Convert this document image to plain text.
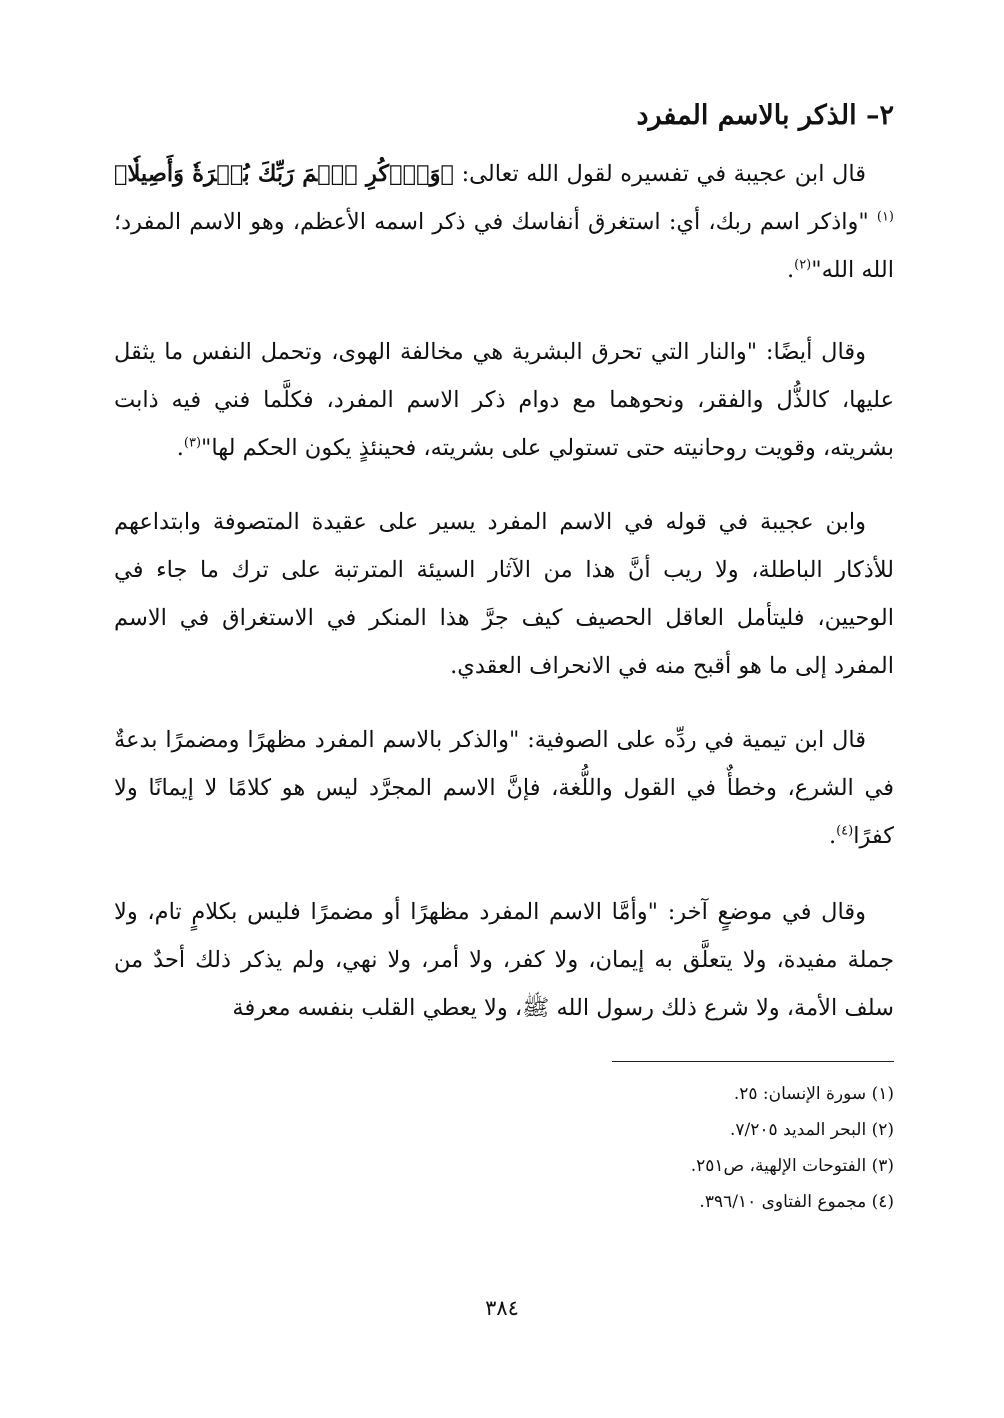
٢– الذكر بالاسم المفرد

قال ابن عجيبة في تفسيره لقول الله تعالى: ﴿وَٱذۡكُرِ ٱسۡمَ رَبِّكَ بُكۡرَةٗ وَأَصِيلٗا﴾$^{(١)}$ "واذكر اسم ربك، أي: استغرق أنفاسك في ذكر اسمه الأعظم، وهو الاسم المفرد؛ الله الله"$^{(٢)}$.

وقال أيضًا: "والنار التي تحرق البشرية هي مخالفة الهوى، وتحمل النفس ما يثقل عليها، كالذُّل والفقر، ونحوهما مع دوام ذكر الاسم المفرد، فكلَّما فني فيه ذابت بشريته، وقويت روحانيته حتى تستولي على بشريته، فحينئذٍ يكون الحكم لها"$^{(٣)}$.

وابن عجيبة في قوله في الاسم المفرد يسير على عقيدة المتصوفة وابتداعهم للأذكار الباطلة، ولا ريب أنَّ هذا من الآثار السيئة المترتبة على ترك ما جاء في الوحيين، فليتأمل العاقل الحصيف كيف جرَّ هذا المنكر في الاستغراق في الاسم المفرد إلى ما هو أقبح منه في الانحراف العقدي.

قال ابن تيمية في ردِّه على الصوفية: "والذكر بالاسم المفرد مظهرًا ومضمرًا بدعةٌ في الشرع، وخطأٌ في القول واللُّغة، فإنَّ الاسم المجرَّد ليس هو كلامًا لا إيمانًا ولا كفرًا$^{(٤)}$.

وقال في موضعٍ آخر: "وأمَّا الاسم المفرد مظهرًا أو مضمرًا فليس بكلامٍ تام، ولا جملة مفيدة، ولا يتعلَّق به إيمان، ولا كفر، ولا أمر، ولا نهي، ولم يذكر ذلك أحدٌ من سلف الأمة، ولا شرع ذلك رسول الله ﷺ، ولا يعطي القلب بنفسه معرفة

(١) سورة الإنسان: ٢٥.
(٢) البحر المديد ٧/٢٠٥.
(٣) الفتوحات الإلهية، ص٢٥١.
(٤) مجموع الفتاوى ٣٩٦/١٠.
٣٨٤
